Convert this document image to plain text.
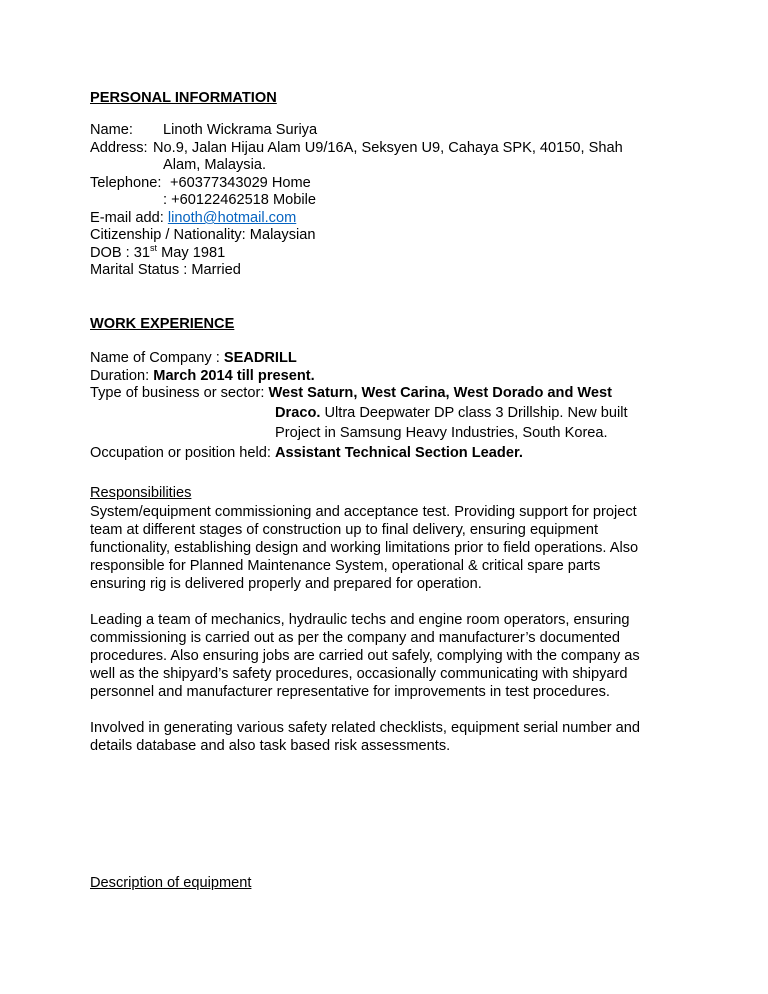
PERSONAL INFORMATION
Name: Linoth Wickrama Suriya
Address: No.9, Jalan Hijau Alam U9/16A, Seksyen U9, Cahaya SPK, 40150, Shah
Alam, Malaysia.
Telephone: +60377343029 Home
: +60122462518 Mobile
E-mail add: linoth@hotmail.com
Citizenship / Nationality: Malaysian
DOB : 31st May 1981
Marital Status : Married
WORK EXPERIENCE
Name of Company : SEADRILL
Duration: March 2014 till present.
Type of business or sector: West Saturn, West Carina, West Dorado and West
Draco. Ultra Deepwater DP class 3 Drillship. New built
Project in Samsung Heavy Industries, South Korea.
Occupation or position held: Assistant Technical Section Leader.
Responsibilities
System/equipment commissioning and acceptance test. Providing support for project
team at different stages of construction up to final delivery, ensuring equipment
functionality, establishing design and working limitations prior to field operations. Also
responsible for Planned Maintenance System, operational & critical spare parts
ensuring rig is delivered properly and prepared for operation.
Leading a team of mechanics, hydraulic techs and engine room operators, ensuring
commissioning is carried out as per the company and manufacturer’s documented
procedures. Also ensuring jobs are carried out safely, complying with the company as
well as the shipyard’s safety procedures, occasionally communicating with shipyard
personnel and manufacturer representative for improvements in test procedures.
Involved in generating various safety related checklists, equipment serial number and
details database and also task based risk assessments.
Description of equipment
